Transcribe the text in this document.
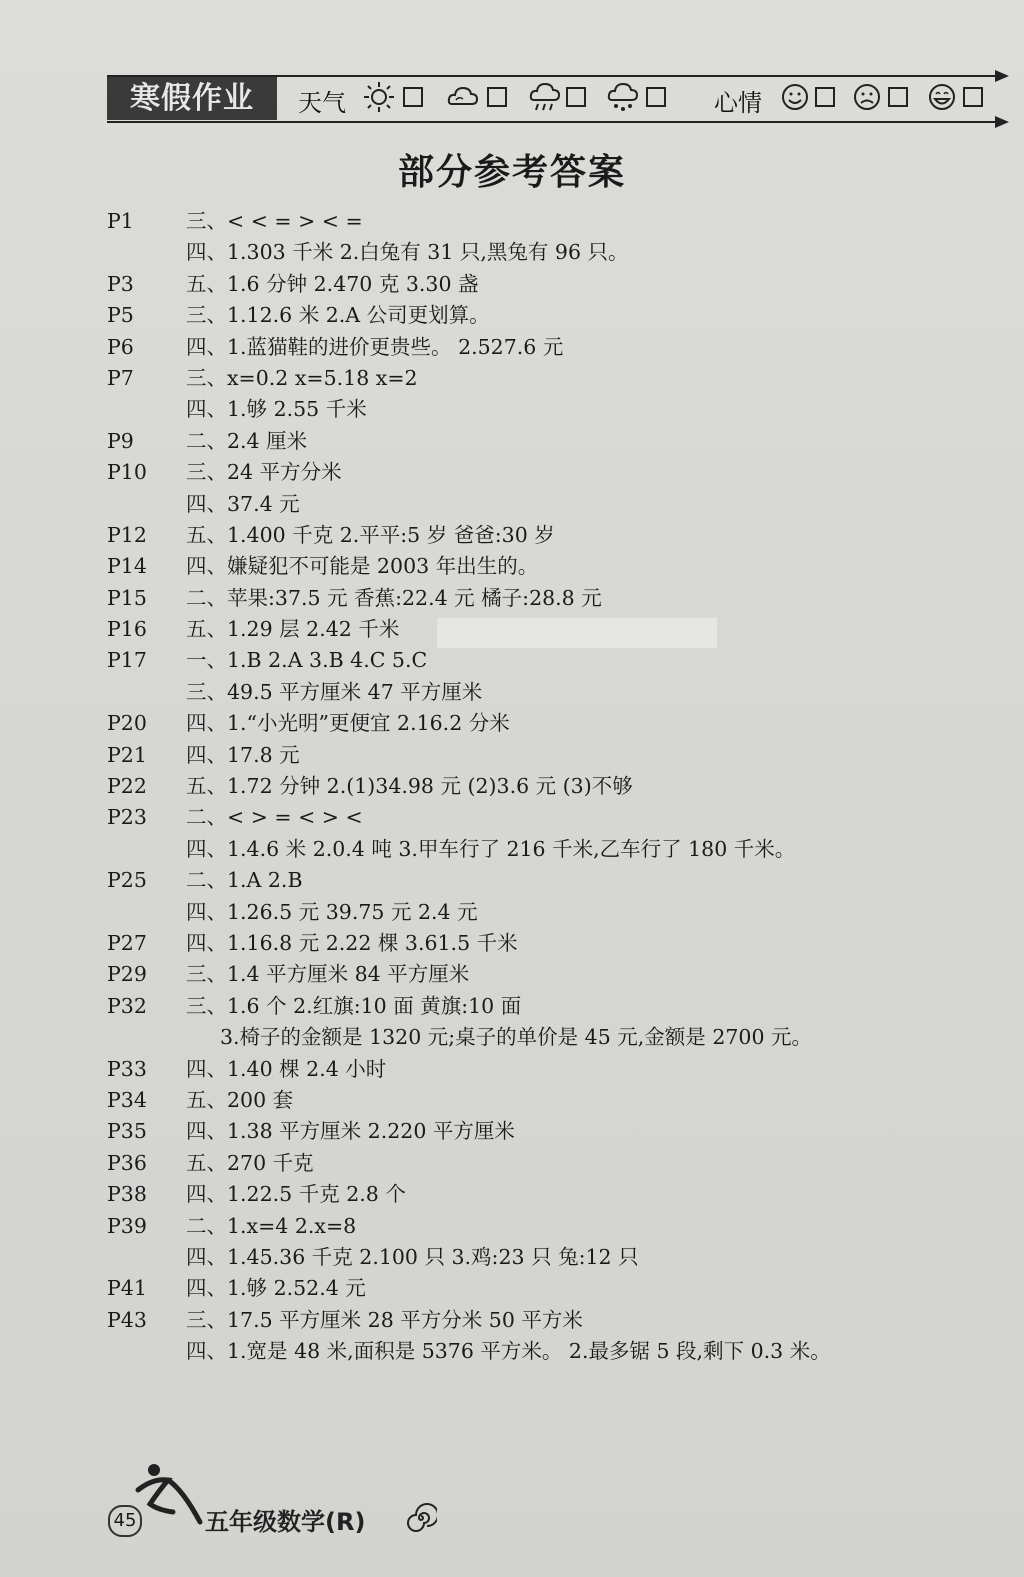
寒假作业	天气	心情
部分参考答案
P1	三、< < = > < =
四、1.303 千米 2.白兔有 31 只,黑兔有 96 只。
P3	五、1.6 分钟 2.470 克 3.30 盏
P5	三、1.12.6 米 2.A 公司更划算。
P6	四、1.蓝猫鞋的进价更贵些。 2.527.6 元
P7	三、x=0.2 x=5.18 x=2
四、1.够 2.55 千米
P9	二、2.4 厘米
P10 三、24 平方分米
四、37.4 元
P12 五、1.400 千克 2.平平:5 岁 爸爸:30 岁
P14 四、嫌疑犯不可能是 2003 年出生的。
P15 二、苹果:37.5 元 香蕉:22.4 元 橘子:28.8 元
P16 五、1.29 层 2.42 千米
P17 一、1.B 2.A 3.B 4.C 5.C
三、49.5 平方厘米 47 平方厘米
P20 四、1.“小光明”更便宜 2.16.2 分米
P21 四、17.8 元
P22 五、1.72 分钟 2.(1)34.98 元 (2)3.6 元 (3)不够
P23 二、< > = < > <
四、1.4.6 米 2.0.4 吨 3.甲车行了 216 千米,乙车行了 180 千米。
P25 二、1.A 2.B
四、1.26.5 元 39.75 元 2.4 元
P27 四、1.16.8 元 2.22 棵 3.61.5 千米
P29 三、1.4 平方厘米 84 平方厘米
P32 三、1.6 个 2.红旗:10 面 黄旗:10 面
3.椅子的金额是 1320 元;桌子的单价是 45 元,金额是 2700 元。
P33 四、1.40 棵 2.4 小时
P34 五、200 套
P35 四、1.38 平方厘米 2.220 平方厘米
P36 五、270 千克
P38 四、1.22.5 千克 2.8 个
P39 二、1.x=4 2.x=8
四、1.45.36 千克 2.100 只 3.鸡:23 只 兔:12 只
P41 四、1.够 2.52.4 元
P43 三、17.5 平方厘米 28 平方分米 50 平方米
四、1.宽是 48 米,面积是 5376 平方米。 2.最多锯 5 段,剩下 0.3 米。
45	五年级数学(R)
